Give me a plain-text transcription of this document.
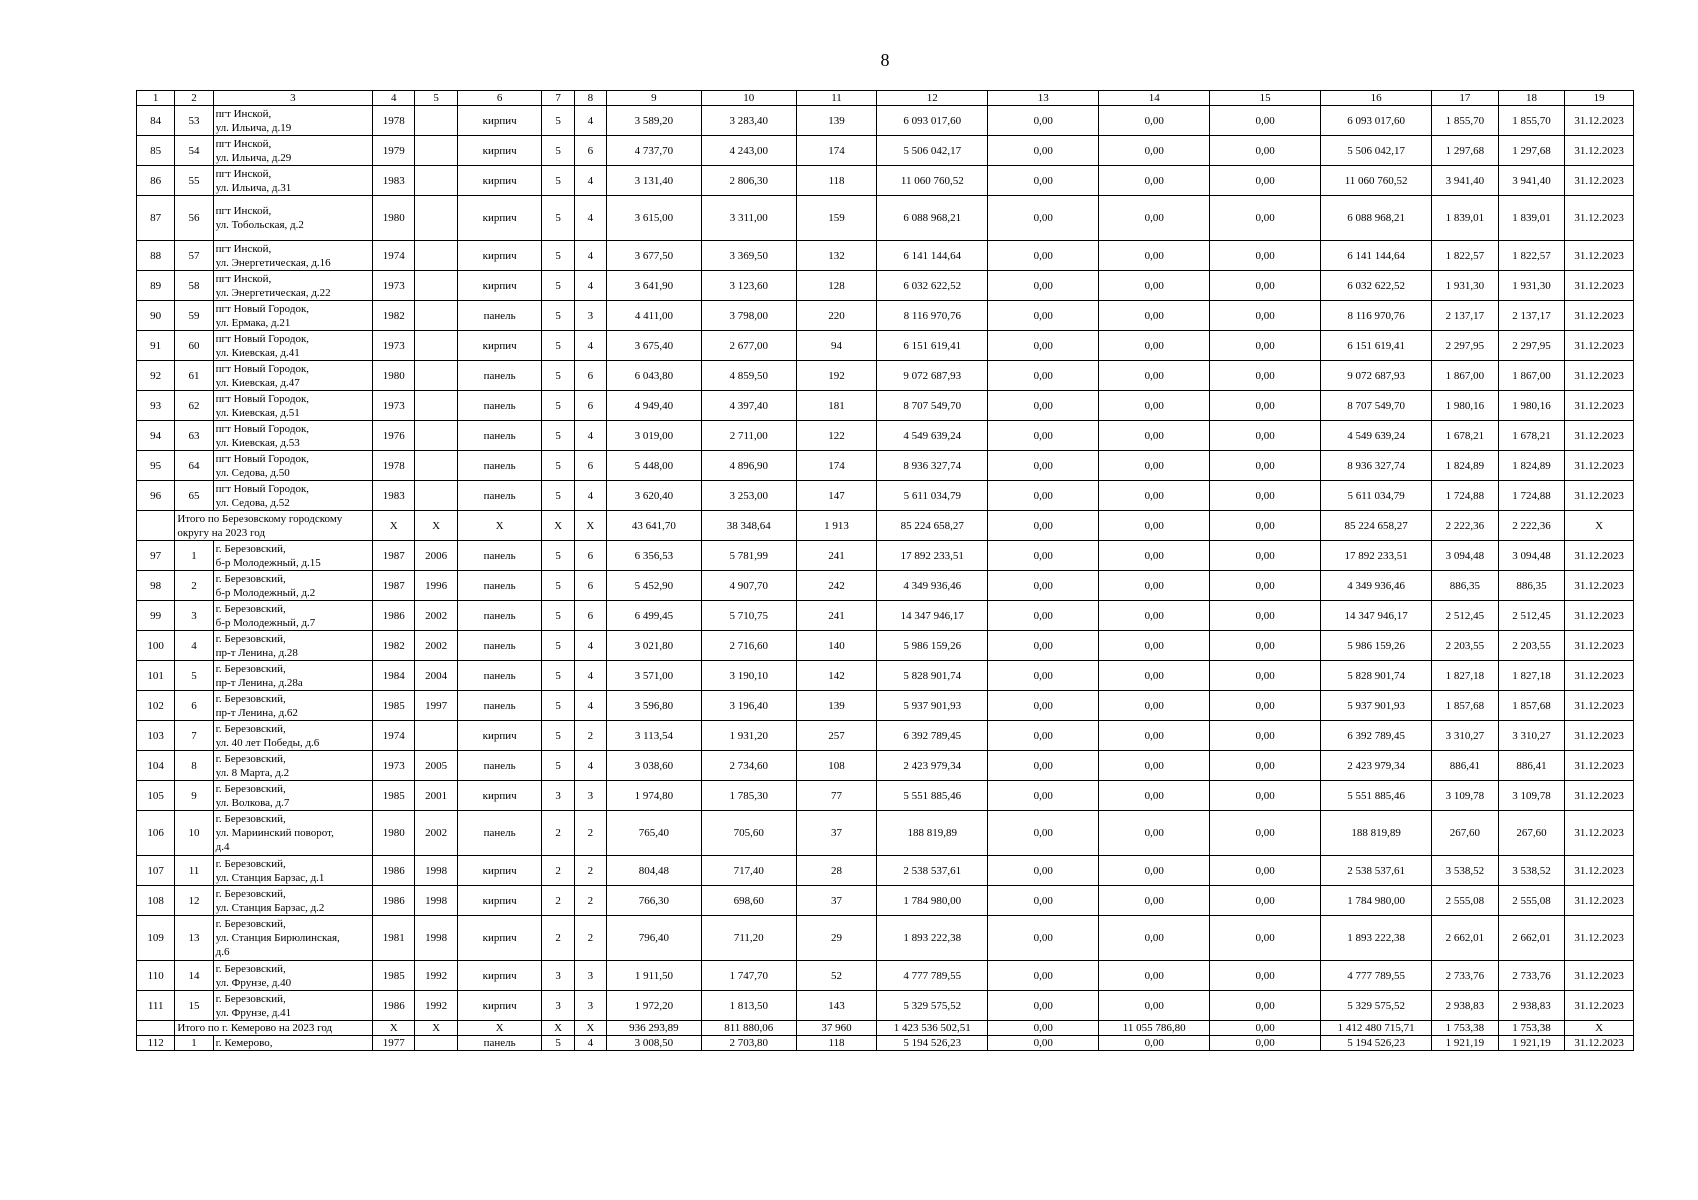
8
1	2	3	4	5	6	7	8	9	10	11	12	13	14	15	16	17	18	19
84	53	пгт Инской,
ул. Ильича, д.19	1978		кирпич	5	4	3 589,20	3 283,40	139	6 093 017,60	0,00	0,00	0,00	6 093 017,60	1 855,70	1 855,70	31.12.2023
85	54	пгт Инской,
ул. Ильича, д.29	1979		кирпич	5	6	4 737,70	4 243,00	174	5 506 042,17	0,00	0,00	0,00	5 506 042,17	1 297,68	1 297,68	31.12.2023
86	55	пгт Инской,
ул. Ильича, д.31	1983		кирпич	5	4	3 131,40	2 806,30	118	11 060 760,52	0,00	0,00	0,00	11 060 760,52	3 941,40	3 941,40	31.12.2023
87	56	пгт Инской,
ул. Тобольская, д.2	1980		кирпич	5	4	3 615,00	3 311,00	159	6 088 968,21	0,00	0,00	0,00	6 088 968,21	1 839,01	1 839,01	31.12.2023
88	57	пгт Инской,
ул. Энергетическая, д.16	1974		кирпич	5	4	3 677,50	3 369,50	132	6 141 144,64	0,00	0,00	0,00	6 141 144,64	1 822,57	1 822,57	31.12.2023
89	58	пгт Инской,
ул. Энергетическая, д.22	1973		кирпич	5	4	3 641,90	3 123,60	128	6 032 622,52	0,00	0,00	0,00	6 032 622,52	1 931,30	1 931,30	31.12.2023
90	59	пгт Новый Городок,
ул. Ермака, д.21	1982		панель	5	3	4 411,00	3 798,00	220	8 116 970,76	0,00	0,00	0,00	8 116 970,76	2 137,17	2 137,17	31.12.2023
91	60	пгт Новый Городок,
ул. Киевская, д.41	1973		кирпич	5	4	3 675,40	2 677,00	94	6 151 619,41	0,00	0,00	0,00	6 151 619,41	2 297,95	2 297,95	31.12.2023
92	61	пгт Новый Городок,
ул. Киевская, д.47	1980		панель	5	6	6 043,80	4 859,50	192	9 072 687,93	0,00	0,00	0,00	9 072 687,93	1 867,00	1 867,00	31.12.2023
93	62	пгт Новый Городок,
ул. Киевская, д.51	1973		панель	5	6	4 949,40	4 397,40	181	8 707 549,70	0,00	0,00	0,00	8 707 549,70	1 980,16	1 980,16	31.12.2023
94	63	пгт Новый Городок,
ул. Киевская, д.53	1976		панель	5	4	3 019,00	2 711,00	122	4 549 639,24	0,00	0,00	0,00	4 549 639,24	1 678,21	1 678,21	31.12.2023
95	64	пгт Новый Городок,
ул. Седова, д.50	1978		панель	5	6	5 448,00	4 896,90	174	8 936 327,74	0,00	0,00	0,00	8 936 327,74	1 824,89	1 824,89	31.12.2023
96	65	пгт Новый Городок,
ул. Седова, д.52	1983		панель	5	4	3 620,40	3 253,00	147	5 611 034,79	0,00	0,00	0,00	5 611 034,79	1 724,88	1 724,88	31.12.2023
	Итого по Березовскому городскому округу на 2023 год		X	X	X	X	X	43 641,70	38 348,64	1 913	85 224 658,27	0,00	0,00	0,00	85 224 658,27	2 222,36	2 222,36	X
97	1	г. Березовский,
б-р Молодежный, д.15	1987	2006	панель	5	6	6 356,53	5 781,99	241	17 892 233,51	0,00	0,00	0,00	17 892 233,51	3 094,48	3 094,48	31.12.2023
98	2	г. Березовский,
б-р Молодежный, д.2	1987	1996	панель	5	6	5 452,90	4 907,70	242	4 349 936,46	0,00	0,00	0,00	4 349 936,46	886,35	886,35	31.12.2023
99	3	г. Березовский,
б-р Молодежный, д.7	1986	2002	панель	5	6	6 499,45	5 710,75	241	14 347 946,17	0,00	0,00	0,00	14 347 946,17	2 512,45	2 512,45	31.12.2023
100	4	г. Березовский,
пр-т Ленина, д.28	1982	2002	панель	5	4	3 021,80	2 716,60	140	5 986 159,26	0,00	0,00	0,00	5 986 159,26	2 203,55	2 203,55	31.12.2023
101	5	г. Березовский,
пр-т Ленина, д.28а	1984	2004	панель	5	4	3 571,00	3 190,10	142	5 828 901,74	0,00	0,00	0,00	5 828 901,74	1 827,18	1 827,18	31.12.2023
102	6	г. Березовский,
пр-т Ленина, д.62	1985	1997	панель	5	4	3 596,80	3 196,40	139	5 937 901,93	0,00	0,00	0,00	5 937 901,93	1 857,68	1 857,68	31.12.2023
103	7	г. Березовский,
ул. 40 лет Победы, д.6	1974		кирпич	5	2	3 113,54	1 931,20	257	6 392 789,45	0,00	0,00	0,00	6 392 789,45	3 310,27	3 310,27	31.12.2023
104	8	г. Березовский,
ул. 8 Марта, д.2	1973	2005	панель	5	4	3 038,60	2 734,60	108	2 423 979,34	0,00	0,00	0,00	2 423 979,34	886,41	886,41	31.12.2023
105	9	г. Березовский,
ул. Волкова, д.7	1985	2001	кирпич	3	3	1 974,80	1 785,30	77	5 551 885,46	0,00	0,00	0,00	5 551 885,46	3 109,78	3 109,78	31.12.2023
106	10	г. Березовский,
ул. Мариинский поворот,
д.4	1980	2002	панель	2	2	765,40	705,60	37	188 819,89	0,00	0,00	0,00	188 819,89	267,60	267,60	31.12.2023
107	11	г. Березовский,
ул. Станция Барзас, д.1	1986	1998	кирпич	2	2	804,48	717,40	28	2 538 537,61	0,00	0,00	0,00	2 538 537,61	3 538,52	3 538,52	31.12.2023
108	12	г. Березовский,
ул. Станция Барзас, д.2	1986	1998	кирпич	2	2	766,30	698,60	37	1 784 980,00	0,00	0,00	0,00	1 784 980,00	2 555,08	2 555,08	31.12.2023
109	13	г. Березовский,
ул. Станция Бирюлинская,
д.6	1981	1998	кирпич	2	2	796,40	711,20	29	1 893 222,38	0,00	0,00	0,00	1 893 222,38	2 662,01	2 662,01	31.12.2023
110	14	г. Березовский,
ул. Фрунзе, д.40	1985	1992	кирпич	3	3	1 911,50	1 747,70	52	4 777 789,55	0,00	0,00	0,00	4 777 789,55	2 733,76	2 733,76	31.12.2023
111	15	г. Березовский,
ул. Фрунзе, д.41	1986	1992	кирпич	3	3	1 972,20	1 813,50	143	5 329 575,52	0,00	0,00	0,00	5 329 575,52	2 938,83	2 938,83	31.12.2023
	Итого по г. Кемерово на 2023 год		X	X	X	X	X	936 293,89	811 880,06	37 960	1 423 536 502,51	0,00	11 055 786,80	0,00	1 412 480 715,71	1 753,38	1 753,38	X
112	1	г. Кемерово,	1977		панель	5	4	3 008,50	2 703,80	118	5 194 526,23	0,00	0,00	0,00	5 194 526,23	1 921,19	1 921,19	31.12.2023
